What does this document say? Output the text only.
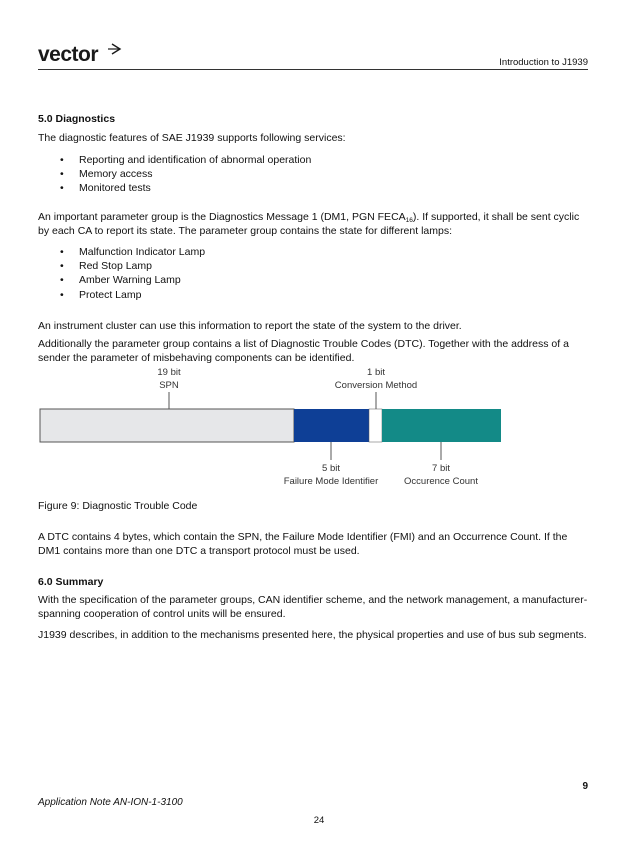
vector	Introduction to J1939
5.0 Diagnostics

The diagnostic features of SAE J1939 supports following services:

• Reporting and identification of abnormal operation
• Memory access
• Monitored tests

An important parameter group is the Diagnostics Message 1 (DM1, PGN $FECA_{16}$). If supported, it shall be sent cyclic by each CA to report its state. The parameter group contains the state for different lamps:

• Malfunction Indicator Lamp
• Red Stop Lamp
• Amber Warning Lamp
• Protect Lamp

An instrument cluster can use this information to report the state of the system to the driver.

Additionally the parameter group contains a list of Diagnostic Trouble Codes (DTC). Together with the address of a sender the parameter of misbehaving components can be identified.

19 bit
SPN
1 bit
Conversion Method
5 bit
Failure Mode Identifier
7 bit
Occurence Count

Figure 9: Diagnostic Trouble Code

A DTC contains 4 bytes, which contain the SPN, the Failure Mode Identifier (FMI) and an Occurrence Count. If the DM1 contains more than one DTC a transport protocol must be used.

6.0 Summary

With the specification of the parameter groups, CAN identifier scheme, and the network management, a manufacturer-spanning cooperation of control units will be ensured.

J1939 describes, in addition to the mechanisms presented here, the physical properties and use of bus sub segments.

9
Application Note AN-ION-1-3100
24
